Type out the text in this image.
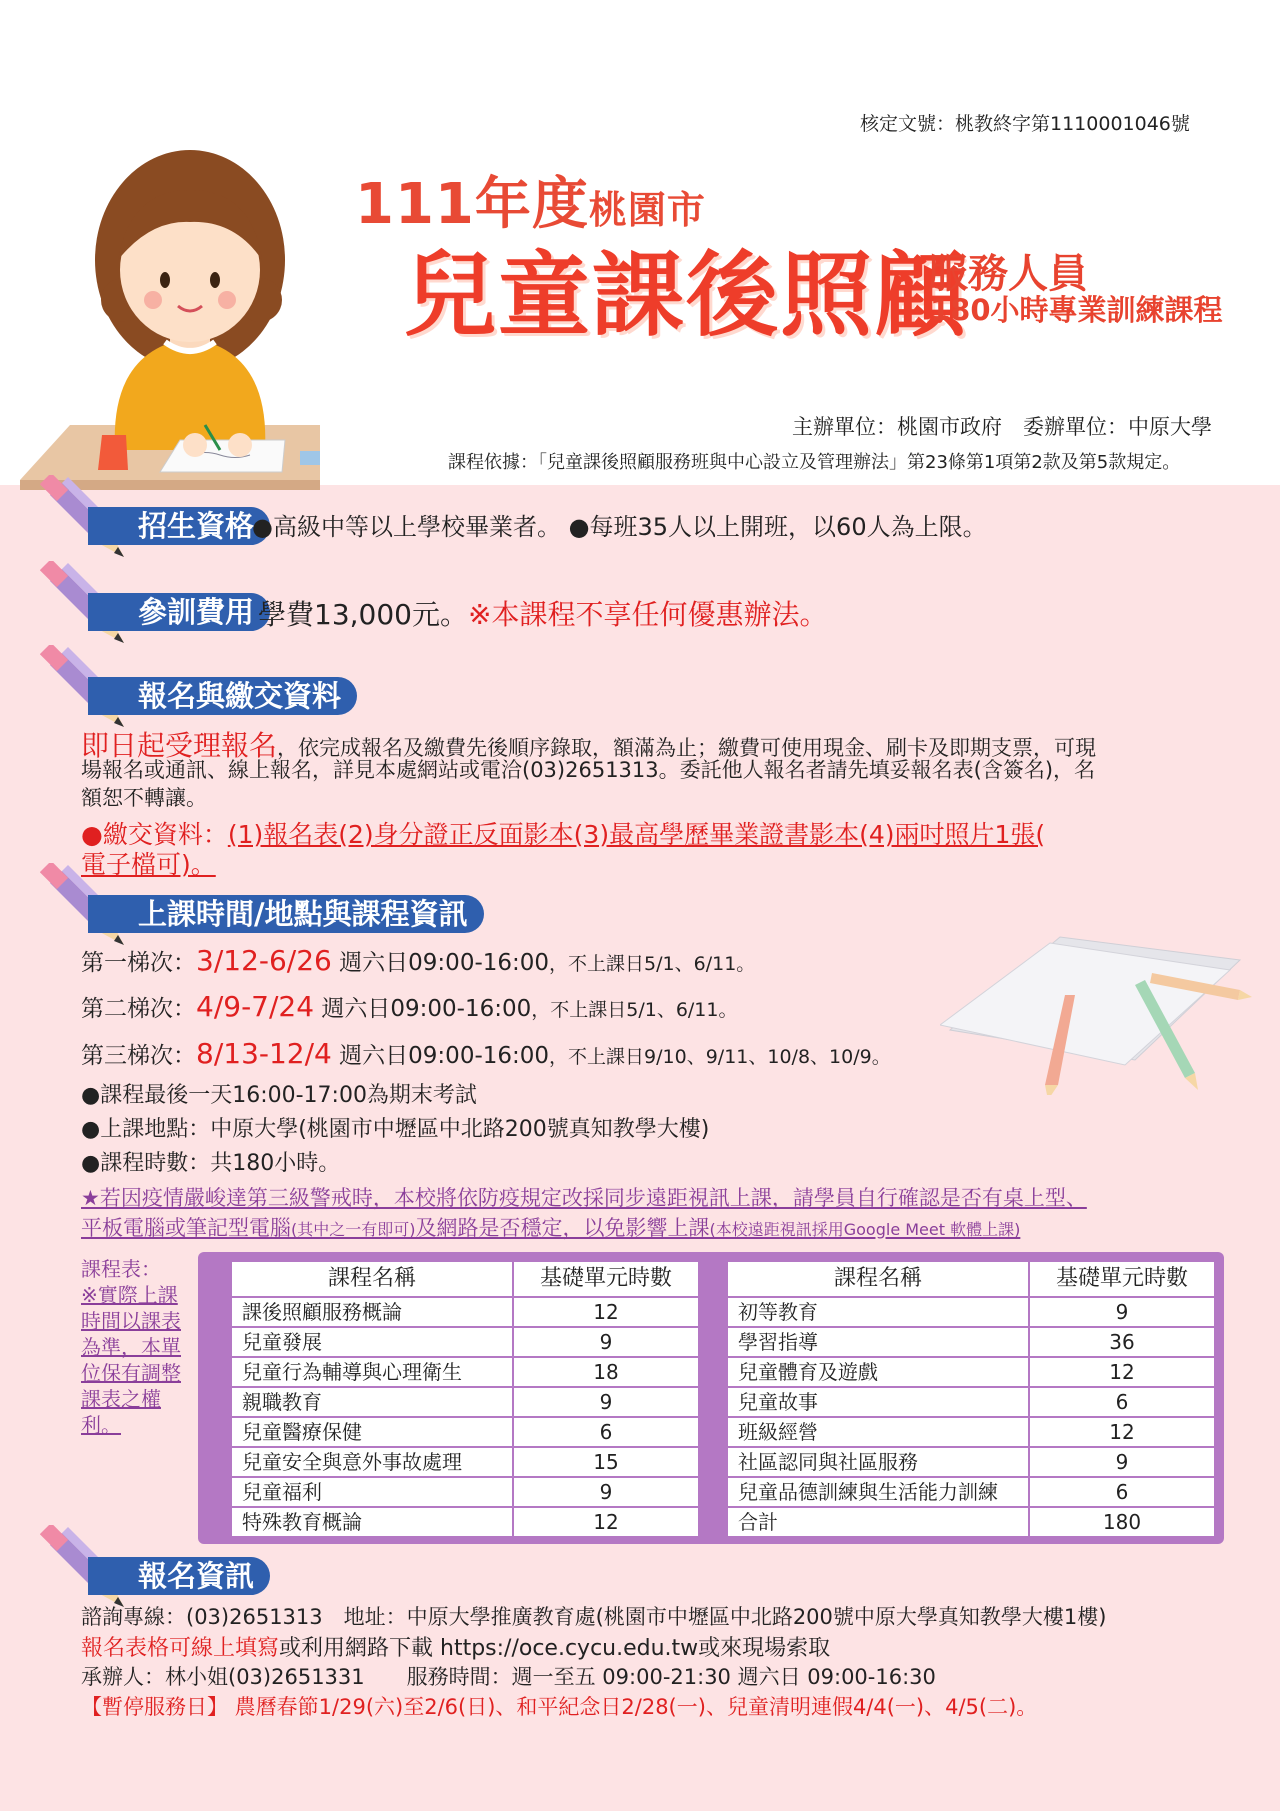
核定文號：桃教終字第1110001046號
111年度桃園市
兒童課後照顧
服務人員
180小時專業訓練課程
主辦單位：桃園市政府　委辦單位：中原大學
課程依據：「兒童課後照顧服務班與中心設立及管理辦法」第23條第1項第2款及第5款規定。
招生資格
●高級中等以上學校畢業者。 ●每班35人以上開班，以60人為上限。
參訓費用 學費13,000元。※本課程不享任何優惠辦法。
報名與繳交資料
即日起受理報名，依完成報名及繳費先後順序錄取，額滿為止；繳費可使用現金、刷卡及即期支票，可現
場報名或通訊、線上報名，詳見本處網站或電洽(03)2651313。委託他人報名者請先填妥報名表(含簽名)，名
額恕不轉讓。
●繳交資料：(1)報名表(2)身分證正反面影本(3)最高學歷畢業證書影本(4)兩吋照片1張(
電子檔可)。
上課時間/地點與課程資訊
第一梯次：3/12-6/26 週六日09:00-16:00，不上課日5/1、6/11。
第二梯次：4/9-7/24 週六日09:00-16:00，不上課日5/1、6/11。
第三梯次：8/13-12/4 週六日09:00-16:00，不上課日9/10、9/11、10/8、10/9。
●課程最後一天16:00-17:00為期末考試
●上課地點：中原大學(桃園市中壢區中北路200號真知教學大樓)
●課程時數：共180小時。
★若因疫情嚴峻達第三級警戒時，本校將依防疫規定改採同步遠距視訊上課，請學員自行確認是否有桌上型、
平板電腦或筆記型電腦(其中之一有即可)及網路是否穩定，以免影響上課(本校遠距視訊採用Google Meet 軟體上課)
課程表：
※實際上課時間以課表為準，本單位保有調整課表之權利。
課程名稱	基礎單元時數
課後照顧服務概論	12
兒童發展	9
兒童行為輔導與心理衛生	18
親職教育	9
兒童醫療保健	6
兒童安全與意外事故處理	15
兒童福利	9
特殊教育概論	12
課程名稱	基礎單元時數
初等教育	9
學習指導	36
兒童體育及遊戲	12
兒童故事	6
班級經營	12
社區認同與社區服務	9
兒童品德訓練與生活能力訓練	6
合計	180
報名資訊
諮詢專線：(03)2651313　地址：中原大學推廣教育處(桃園市中壢區中北路200號中原大學真知教學大樓1樓)
報名表格可線上填寫或利用網路下載 https://oce.cycu.edu.tw或來現場索取
承辦人：林小姐(03)2651331　　服務時間：週一至五 09:00-21:30 週六日 09:00-16:30
【暫停服務日】 農曆春節1/29(六)至2/6(日)、和平紀念日2/28(一)、兒童清明連假4/4(一)、4/5(二)。
